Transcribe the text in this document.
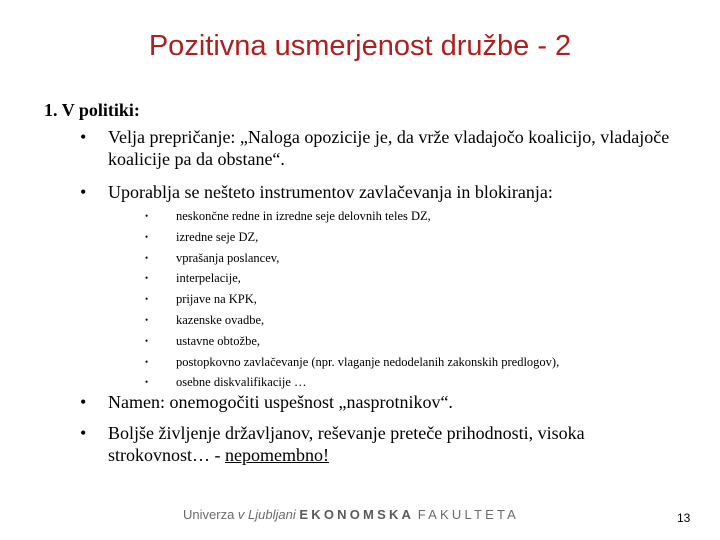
Pozitivna usmerjenost družbe - 2
1. V politiki:
• Velja prepričanje: „Naloga opozicije je, da vrže vladajočo koalicijo, vladajoče koalicije pa da obstane“.
• Uporablja se nešteto instrumentov zavlačevanja in blokiranja:
• neskončne redne in izredne seje delovnih teles DZ,
• izredne seje DZ,
• vprašanja poslancev,
• interpelacije,
• prijave na KPK,
• kazenske ovadbe,
• ustavne obtožbe,
• postopkovno zavlačevanje (npr. vlaganje nedodelanih zakonskih predlogov),
• osebne diskvalifikacije …
• Namen: onemogočiti uspešnost „nasprotnikov“.
• Boljše življenje državljanov, reševanje preteče prihodnosti, visoka strokovnost… - nepomembno!
Univerza v Ljubljani EKONOMSKA FAKULTETA	13
